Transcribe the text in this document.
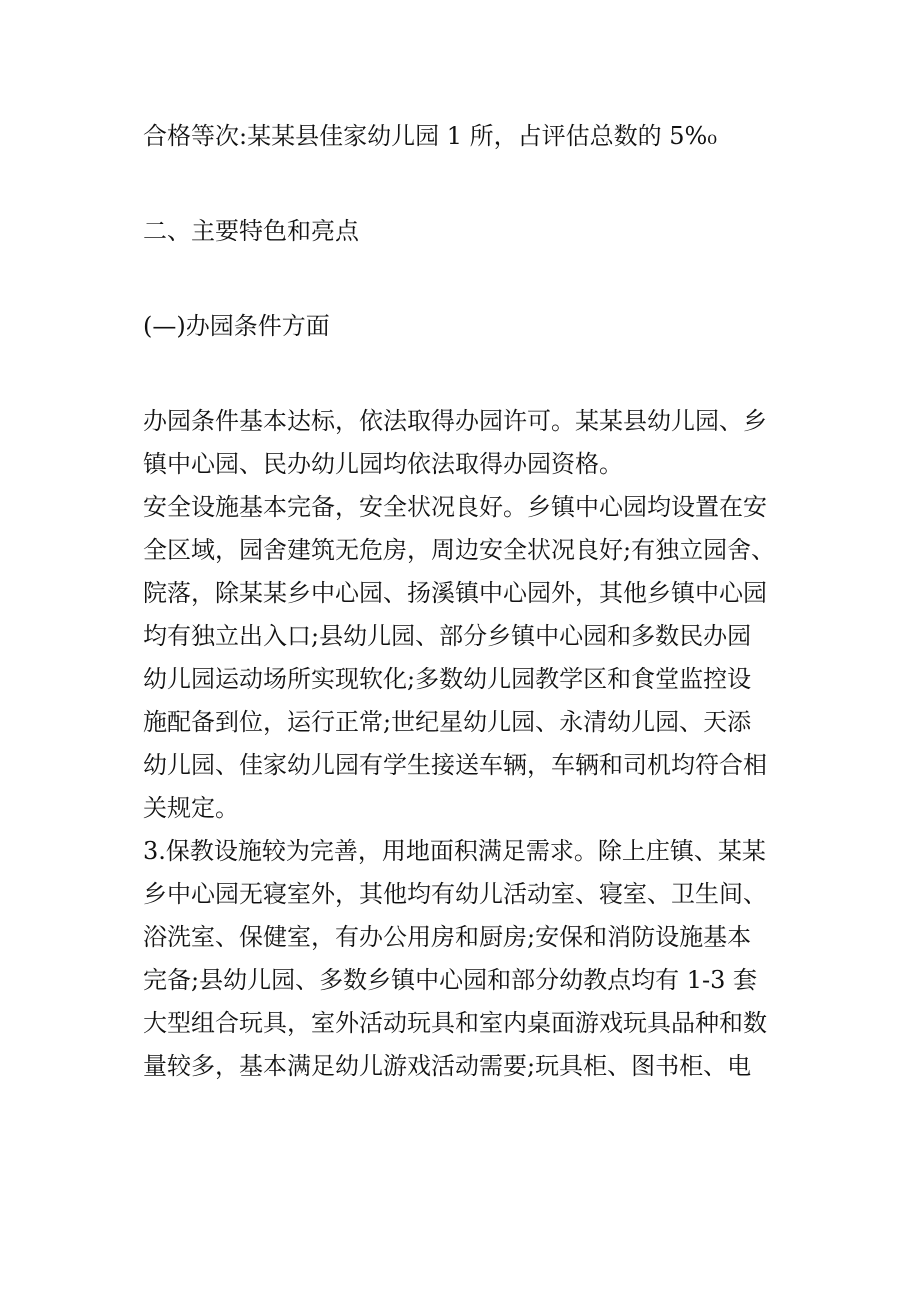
合格等次:某某县佳家幼儿园 1 所，占评估总数的 5%₀
二、主要特色和亮点
(—)办园条件方面
办园条件基本达标，依法取得办园许可。某某县幼儿园、乡
镇中心园、民办幼儿园均依法取得办园资格。
安全设施基本完备，安全状况良好。乡镇中心园均设置在安
全区域，园舍建筑无危房，周边安全状况良好;有独立园舍、
院落，除某某乡中心园、扬溪镇中心园外，其他乡镇中心园
均有独立出入口;县幼儿园、部分乡镇中心园和多数民办园
幼儿园运动场所实现软化;多数幼儿园教学区和食堂监控设
施配备到位，运行正常;世纪星幼儿园、永清幼儿园、天添
幼儿园、佳家幼儿园有学生接送车辆，车辆和司机均符合相
关规定。
3.保教设施较为完善，用地面积满足需求。除上庄镇、某某
乡中心园无寝室外，其他均有幼儿活动室、寝室、卫生间、
浴洗室、保健室，有办公用房和厨房;安保和消防设施基本
完备;县幼儿园、多数乡镇中心园和部分幼教点均有 1-3 套
大型组合玩具，室外活动玩具和室内桌面游戏玩具品种和数
量较多，基本满足幼儿游戏活动需要;玩具柜、图书柜、电
